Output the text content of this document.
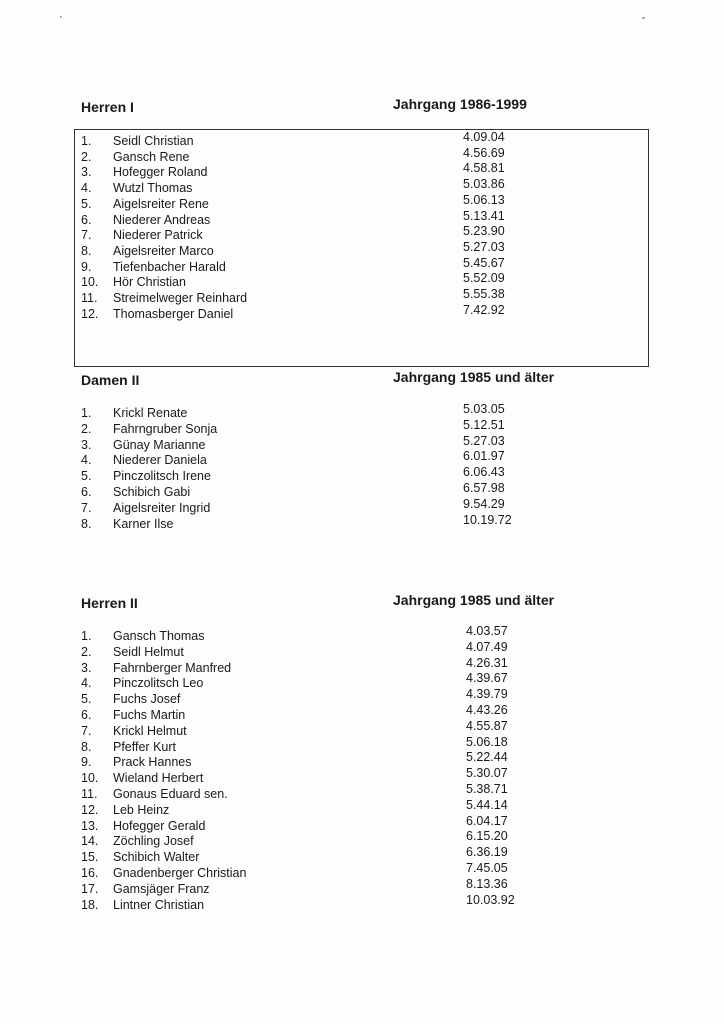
Herren I	Jahrgang 1986-1999
Damen II	Jahrgang 1985 und älter
Herren II	Jahrgang 1985 und älter
1. Seidl Christian	4.09.04
2. Gansch Rene	4.56.69
3. Hofegger Roland	4.58.81
4. Wutzl Thomas	5.03.86
5. Aigelsreiter Rene	5.06.13
6. Niederer Andreas	5.13.41
7. Niederer Patrick	5.23.90
8. Aigelsreiter Marco	5.27.03
9. Tiefenbacher Harald	5.45.67
10. Hör Christian	5.52.09
11. Streimelweger Reinhard	5.55.38
12. Thomasberger Daniel	7.42.92
1. Krickl Renate	5.03.05
2. Fahrngruber Sonja	5.12.51
3. Günay Marianne	5.27.03
4. Niederer Daniela	6.01.97
5. Pinczolitsch Irene	6.06.43
6. Schibich Gabi	6.57.98
7. Aigelsreiter Ingrid	9.54.29
8. Karner Ilse	10.19.72
1. Gansch Thomas	4.03.57
2. Seidl Helmut	4.07.49
3. Fahrnberger Manfred	4.26.31
4. Pinczolitsch Leo	4.39.67
5. Fuchs Josef	4.39.79
6. Fuchs Martin	4.43.26
7. Krickl Helmut	4.55.87
8. Pfeffer Kurt	5.06.18
9. Prack Hannes	5.22.44
10. Wieland Herbert	5.30.07
11. Gonaus Eduard sen.	5.38.71
12. Leb Heinz	5.44.14
13. Hofegger Gerald	6.04.17
14. Zöchling Josef	6.15.20
15. Schibich Walter	6.36.19
16. Gnadenberger Christian	7.45.05
17. Gamsjäger Franz	8.13.36
18. Lintner Christian	10.03.92
